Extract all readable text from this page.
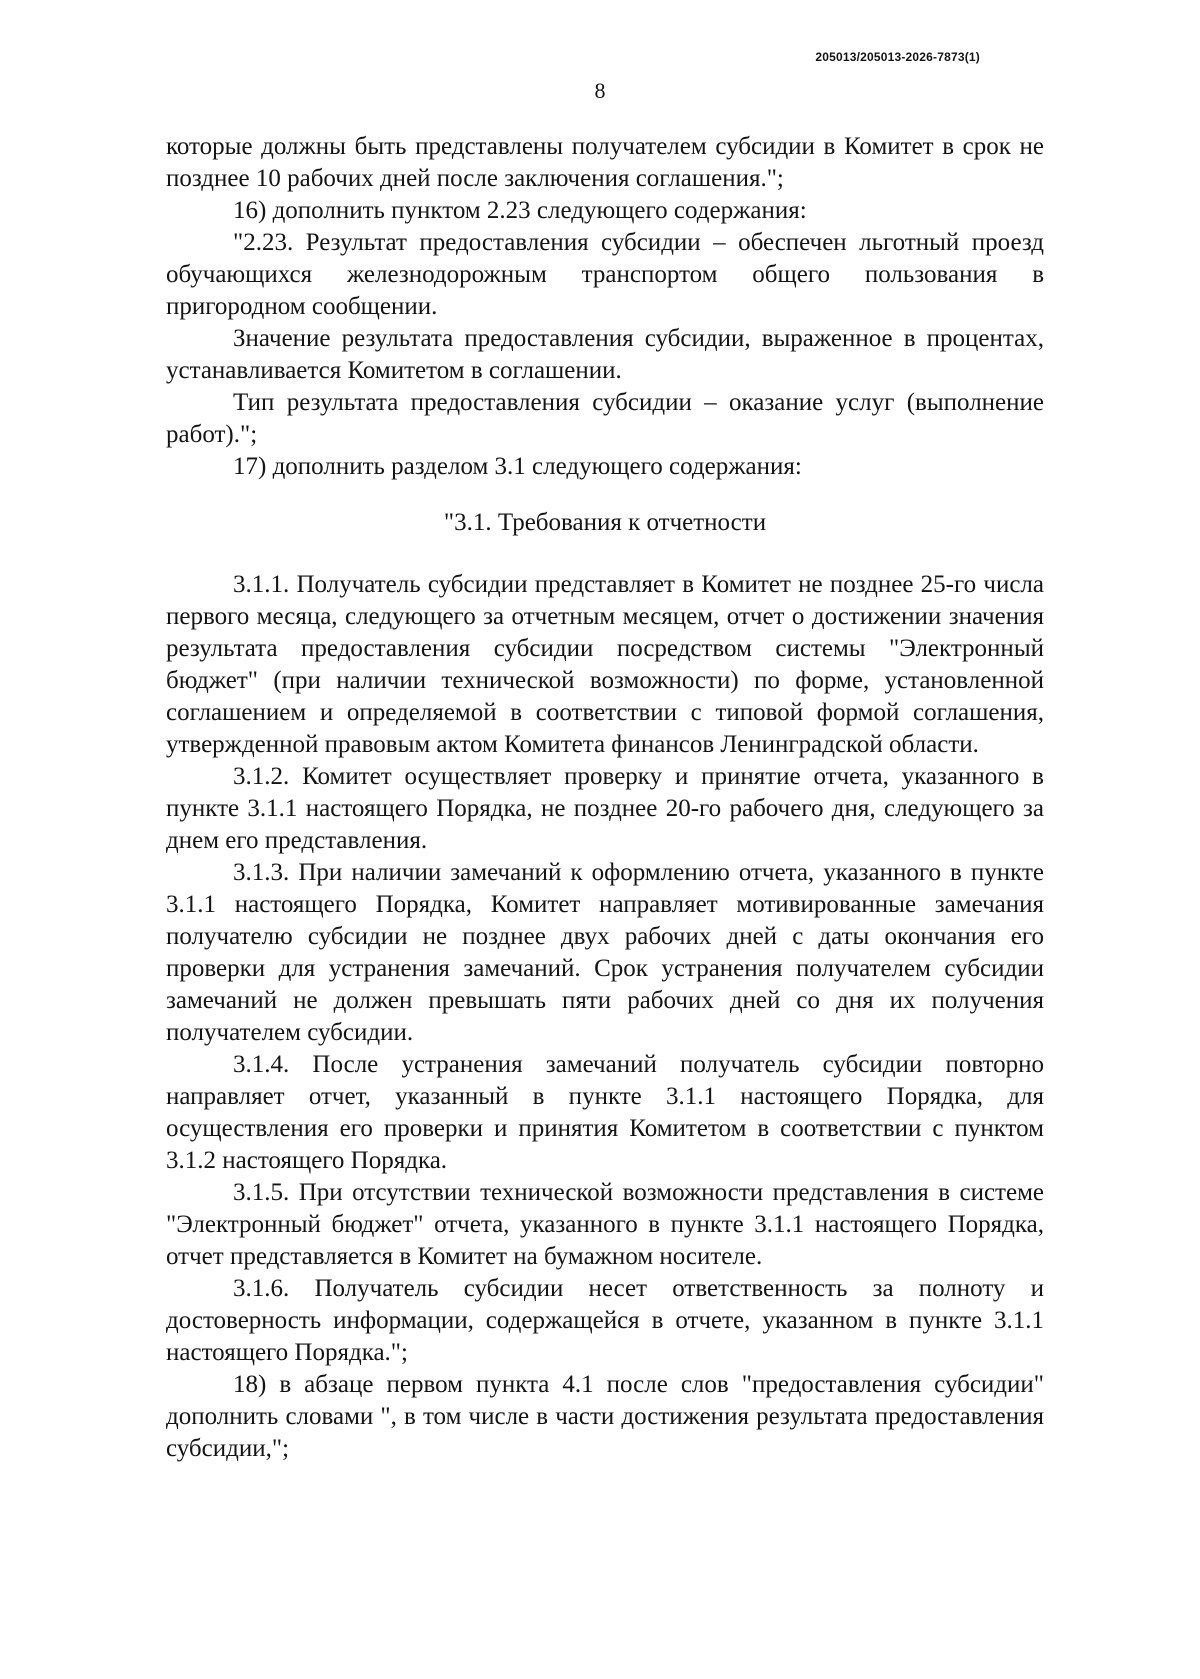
205013/205013-2026-7873(1)
8

которые должны быть представлены получателем субсидии в Комитет в срок не позднее 10 рабочих дней после заключения соглашения.";

16) дополнить пунктом 2.23 следующего содержания:

"2.23. Результат предоставления субсидии – обеспечен льготный проезд обучающихся железнодорожным транспортом общего пользования в пригородном сообщении.

Значение результата предоставления субсидии, выраженное в процентах, устанавливается Комитетом в соглашении.

Тип результата предоставления субсидии – оказание услуг (выполнение работ).";

17) дополнить разделом 3.1 следующего содержания:

"3.1. Требования к отчетности

3.1.1. Получатель субсидии представляет в Комитет не позднее 25-го числа первого месяца, следующего за отчетным месяцем, отчет о достижении значения результата предоставления субсидии посредством системы "Электронный бюджет" (при наличии технической возможности) по форме, установленной соглашением и определяемой в соответствии с типовой формой соглашения, утвержденной правовым актом Комитета финансов Ленинградской области.

3.1.2. Комитет осуществляет проверку и принятие отчета, указанного в пункте 3.1.1 настоящего Порядка, не позднее 20-го рабочего дня, следующего за днем его представления.

3.1.3. При наличии замечаний к оформлению отчета, указанного в пункте 3.1.1 настоящего Порядка, Комитет направляет мотивированные замечания получателю субсидии не позднее двух рабочих дней с даты окончания его проверки для устранения замечаний. Срок устранения получателем субсидии замечаний не должен превышать пяти рабочих дней со дня их получения получателем субсидии.

3.1.4. После устранения замечаний получатель субсидии повторно направляет отчет, указанный в пункте 3.1.1 настоящего Порядка, для осуществления его проверки и принятия Комитетом в соответствии с пунктом 3.1.2 настоящего Порядка.

3.1.5. При отсутствии технической возможности представления в системе "Электронный бюджет" отчета, указанного в пункте 3.1.1 настоящего Порядка, отчет представляется в Комитет на бумажном носителе.

3.1.6. Получатель субсидии несет ответственность за полноту и достоверность информации, содержащейся в отчете, указанном в пункте 3.1.1 настоящего Порядка.";

18) в абзаце первом пункта 4.1 после слов "предоставления субсидии" дополнить словами ", в том числе в части достижения результата предоставления субсидии,";
